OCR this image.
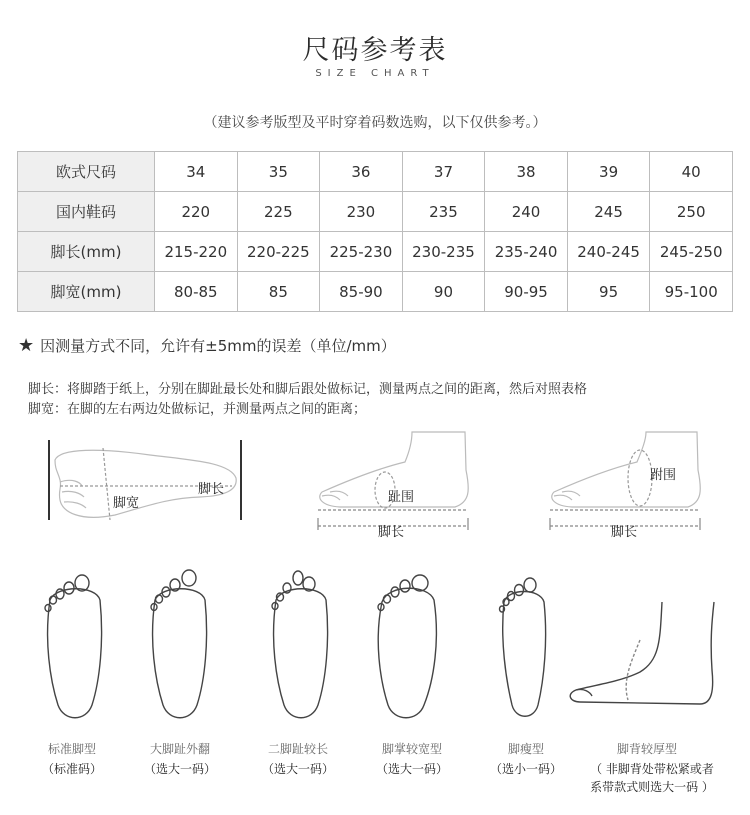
尺码参考表
SIZE CHART
（建议参考版型及平时穿着码数选购，以下仅供参考。）
欧式尺码	34	35	36	37	38	39	40
国内鞋码	220	225	230	235	240	245	250
脚长(mm)	215-220	220-225	225-230	230-235	235-240	240-245	245-250
脚宽(mm)	80-85	85	85-90	90	90-95	95	95-100
★ 因测量方式不同，允许有±5mm的误差（单位/mm）
脚长：将脚踏于纸上，分别在脚趾最长处和脚后跟处做标记，测量两点之间的距离，然后对照表格
脚宽：在脚的左右两边处做标记，并测量两点之间的距离；
脚宽
脚长
趾围
脚长
跗围
脚长
标准脚型
（标准码）
大脚趾外翻
（选大一码）
二脚趾较长
（选大一码）
脚掌较宽型
（选大一码）
脚瘦型
（选小一码）
脚背较厚型
（ 非脚背处带松紧或者
系带款式则选大一码 ）
